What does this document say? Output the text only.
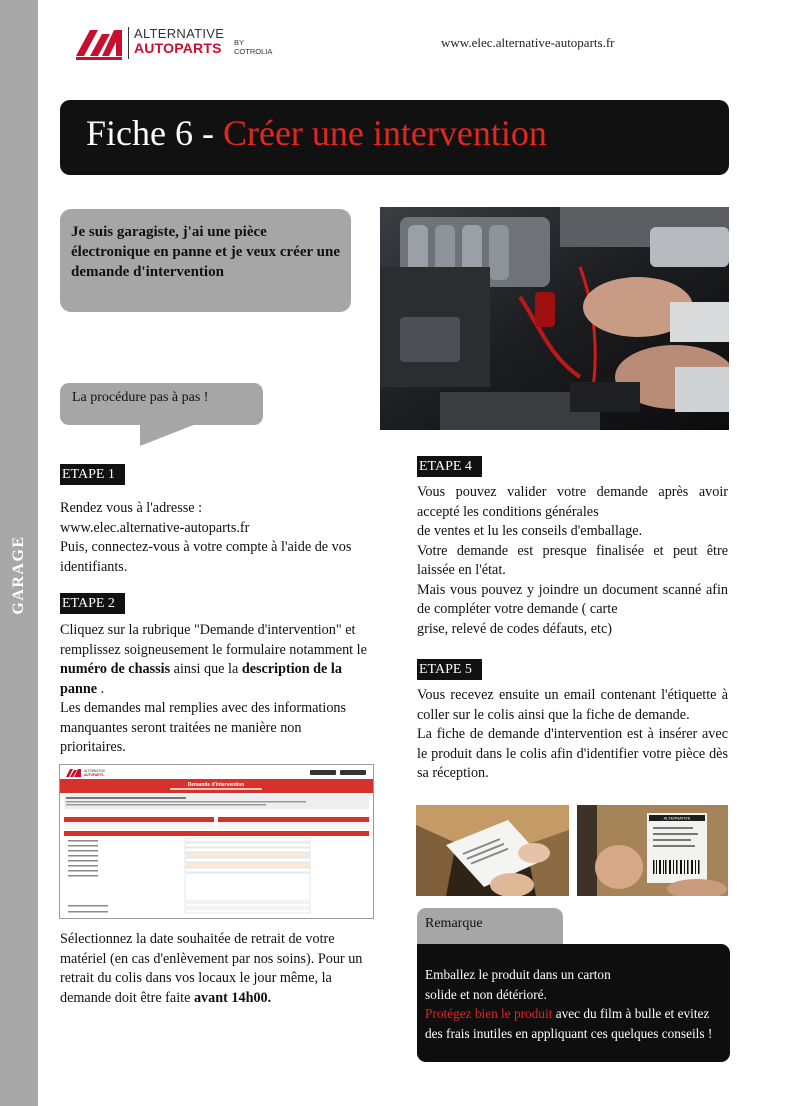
GARAGE
ALTERNATIVE
AUTOPARTS BY
COTROLIA
www.elec.alternative-autoparts.fr
Fiche 6 - Créer une intervention
Je suis garagiste, j'ai une pièce électronique en panne et je veux créer une demande d'intervention
La procédure pas à pas !
ETAPE 1
Rendez vous à l'adresse :
www.elec.alternative-autoparts.fr
Puis, connectez-vous à votre compte à l'aide de vos identifiants.
ETAPE 2
Cliquez sur la rubrique "Demande d'intervention" et remplissez soigneusement le formulaire notamment le numéro de chassis ainsi que la description de la panne .
Les demandes mal remplies avec des informations manquantes seront traitées ne manière non prioritaires.
ALTERNATIVE
AUTOPARTS
Demande d'intervention
Sélectionnez la date souhaitée de retrait de votre matériel (en cas d'enlèvement par nos soins). Pour un retrait du colis dans vos locaux le jour même, la demande doit être faite avant 14h00.
ETAPE 4
Vous pouvez valider votre demande après avoir accepté les conditions générales
de ventes et lu les conseils d'emballage.
Votre demande est presque finalisée et peut être laissée en l'état.
Mais vous pouvez y joindre un document scanné afin de compléter votre demande ( carte
grise, relevé de codes défauts, etc)
ETAPE 5
Vous recevez ensuite un email contenant l'étiquette à coller sur le colis ainsi que la fiche de demande.
La fiche de demande d'intervention est à insérer avec le produit dans le colis afin d'identifier votre pièce dès sa réception.
ALTERNATIVE
Remarque
Emballez le produit dans un carton
solide et non détérioré.
Protégez bien le produit avec du film à bulle et evitez des frais inutiles en appliquant ces quelques conseils !
